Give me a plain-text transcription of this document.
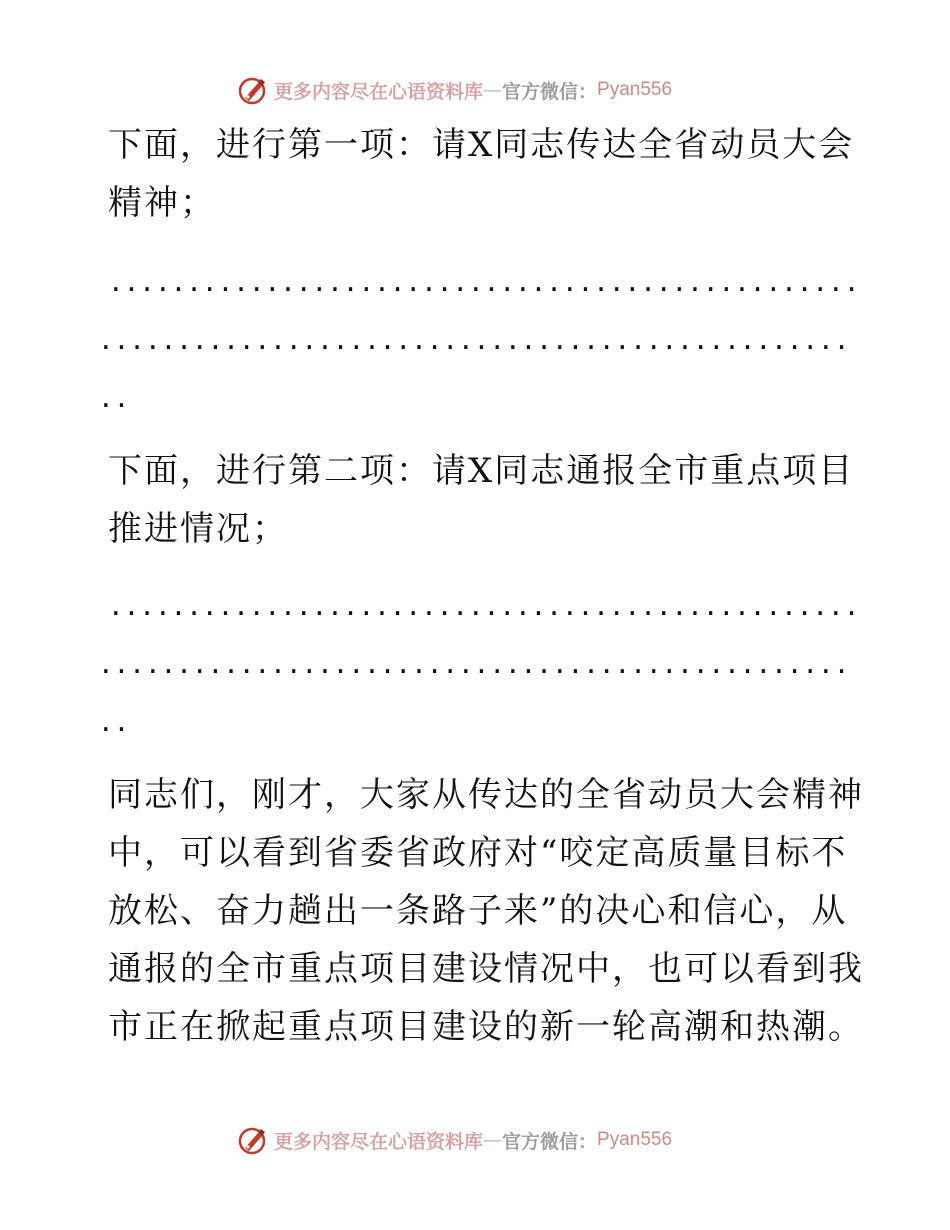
更多内容尽在心语资料库 — 官方微信： Pyan556
下面，进行第一项：请X同志传达全省动员大会精神；
................................................
................................................
..
下面，进行第二项：请X同志通报全市重点项目推进情况；
................................................
................................................
..
同志们，刚才，大家从传达的全省动员大会精神中，可以看到省委省政府对“咬定高质量目标不放松、奋力趟出一条路子来”的决心和信心，从通报的全市重点项目建设情况中，也可以看到我市正在掀起重点项目建设的新一轮高潮和热潮。
更多内容尽在心语资料库 — 官方微信： Pyan556
